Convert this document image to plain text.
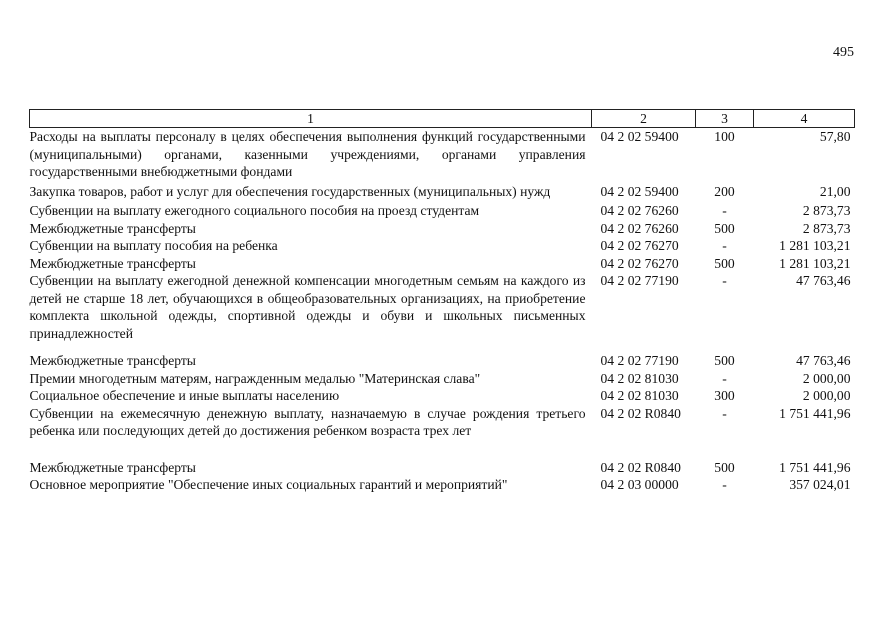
495
1	2	3	4
Расходы на выплаты персоналу в целях обеспечения выполнения функций государственными (муниципальными) органами, казенными учреждениями, органами управления государственными внебюджетными фондами	04 2 02 59400	100	57,80
Закупка товаров, работ и услуг для обеспечения государственных (муниципальных) нужд	04 2 02 59400	200	21,00
Субвенции на выплату ежегодного социального пособия на проезд студентам	04 2 02 76260	-	2 873,73
Межбюджетные трансферты	04 2 02 76260	500	2 873,73
Субвенции на выплату пособия на ребенка	04 2 02 76270	-	1 281 103,21
Межбюджетные трансферты	04 2 02 76270	500	1 281 103,21
Субвенции на выплату ежегодной денежной компенсации многодетным семьям на каждого из детей не старше 18 лет, обучающихся в общеобразовательных организациях, на приобретение комплекта школьной одежды, спортивной одежды и обуви и школьных письменных принадлежностей	04 2 02 77190	-	47 763,46
Межбюджетные трансферты	04 2 02 77190	500	47 763,46
Премии многодетным матерям, награжденным медалью "Материнская слава"	04 2 02 81030	-	2 000,00
Социальное обеспечение и иные выплаты населению	04 2 02 81030	300	2 000,00
Субвенции на ежемесячную денежную выплату, назначаемую в случае рождения третьего ребенка или последующих детей до достижения ребенком возраста трех лет	04 2 02 R0840	-	1 751 441,96
Межбюджетные трансферты	04 2 02 R0840	500	1 751 441,96
Основное мероприятие "Обеспечение иных социальных гарантий и мероприятий"	04 2 03 00000	-	357 024,01
